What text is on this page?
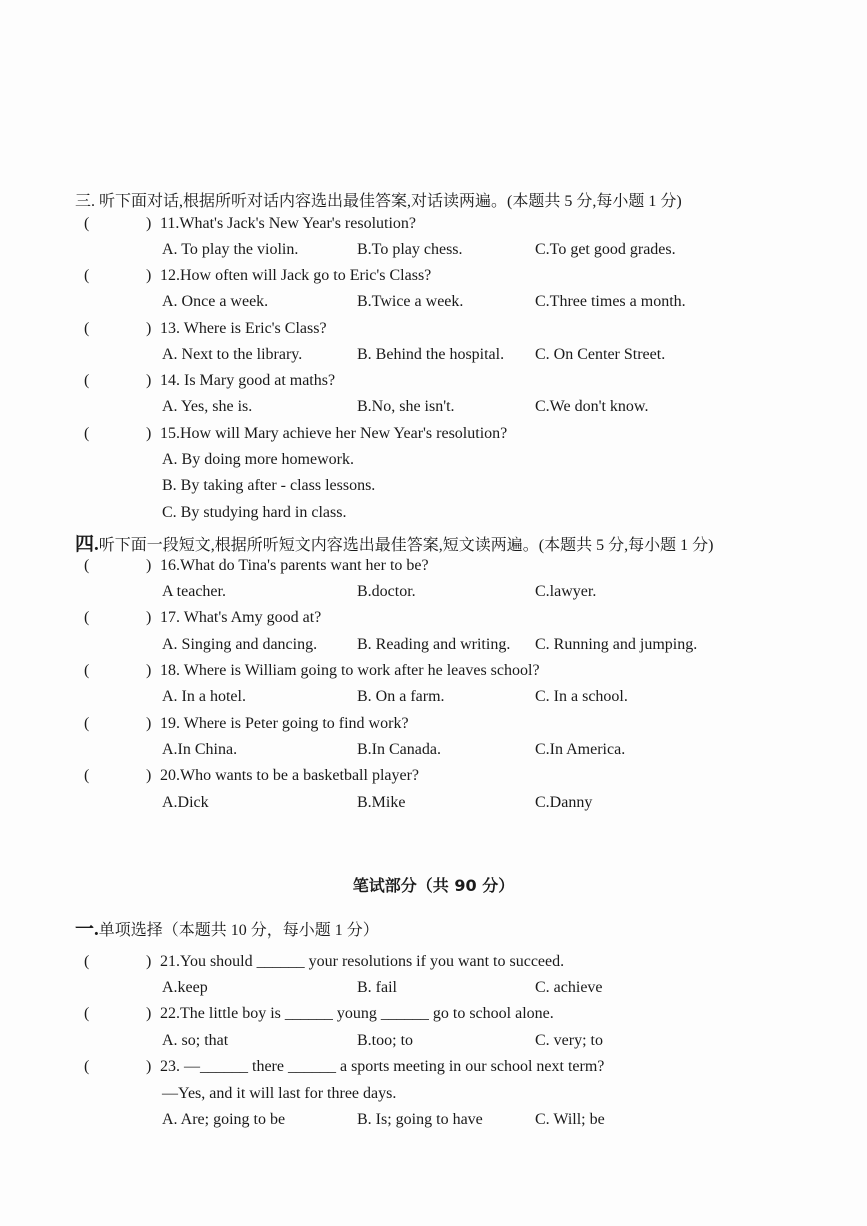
三. 听下面对话,根据所听对话内容选出最佳答案,对话读两遍。(本题共 5 分,每小题 1 分)
(	) 11.What's Jack's New Year's resolution?
A. To play the violin.	B.To play chess.	C.To get good grades.
(	) 12.How often will Jack go to Eric's Class?
A. Once a week.	B.Twice a week.	C.Three times a month.
(	) 13. Where is Eric's Class?
A. Next to the library.	B. Behind the hospital. C. On Center Street.
(	) 14. Is Mary good at maths?
A. Yes, she is.	B.No, she isn't.	C.We don't know.
(	) 15.How will Mary achieve her New Year's resolution?
A. By doing more homework.
B. By taking after - class lessons.
C. By studying hard in class.
四.听下面一段短文,根据所听短文内容选出最佳答案,短文读两遍。(本题共 5 分,每小题 1 分)
(	) 16.What do Tina's parents want her to be?
A teacher.	B.doctor.	C.lawyer.
(	) 17. What's Amy good at?
A. Singing and dancing. B. Reading and writing. C. Running and jumping.
(	) 18. Where is William going to work after he leaves school?
A. In a hotel.	B. On a farm.	C. In a school.
(	) 19. Where is Peter going to find work?
A.In China.	B.In Canada.	C.In America.
(	) 20.Who wants to be a basketball player?
A.Dick	B.Mike	C.Danny
笔试部分（共 90 分）
一.单项选择（本题共 10 分，每小题 1 分）
(	) 21.You should ______ your resolutions if you want to succeed.
A.keep	B. fail	C. achieve
(	) 22.The little boy is ______ young ______ go to school alone.
A. so; that	B.too; to	C. very; to
(	) 23. —______ there ______ a sports meeting in our school next term?
—Yes, and it will last for three days.
A. Are; going to be	B. Is; going to have	C. Will; be
